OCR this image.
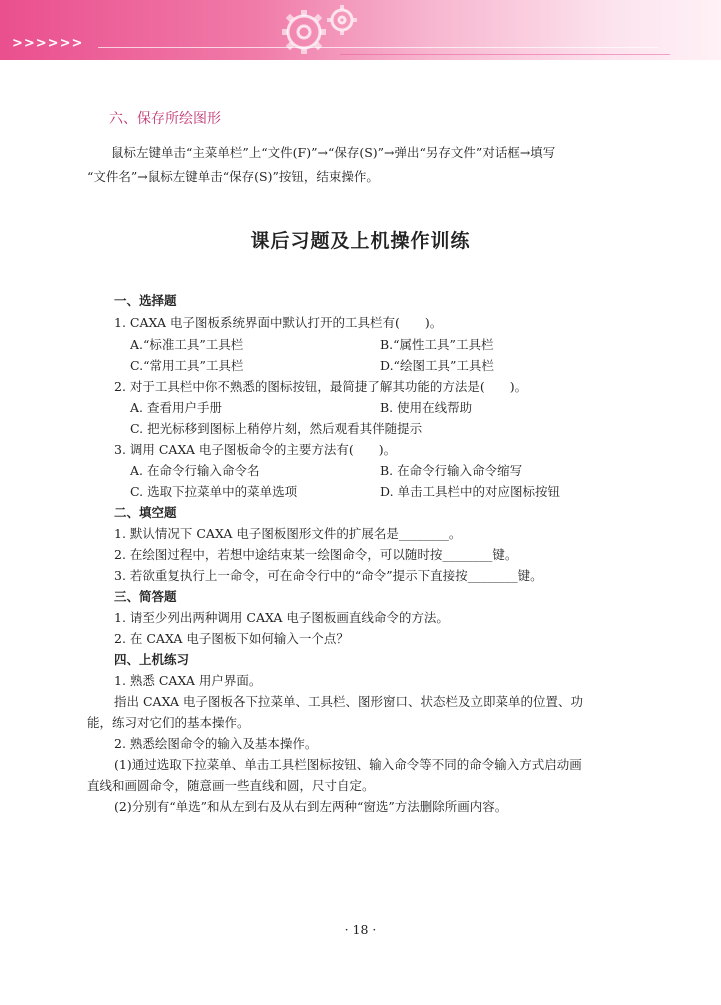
>>>>>>
六、保存所绘图形
鼠标左键单击“主菜单栏”上“文件(F)”→“保存(S)”→弹出“另存文件”对话框→填写
“文件名”→鼠标左键单击“保存(S)”按钮，结束操作。
课后习题及上机操作训练
一、选择题
1. CAXA 电子图板系统界面中默认打开的工具栏有(　　)。
A.“标准工具”工具栏	B.“属性工具”工具栏
C.“常用工具”工具栏	D.“绘图工具”工具栏
2. 对于工具栏中你不熟悉的图标按钮，最简捷了解其功能的方法是(　　)。
A. 查看用户手册	B. 使用在线帮助
C. 把光标移到图标上稍停片刻，然后观看其伴随提示
3. 调用 CAXA 电子图板命令的主要方法有(　　)。
A. 在命令行输入命令名	B. 在命令行输入命令缩写
C. 选取下拉菜单中的菜单选项	D. 单击工具栏中的对应图标按钮
二、填空题
1. 默认情况下 CAXA 电子图板图形文件的扩展名是________。
2. 在绘图过程中，若想中途结束某一绘图命令，可以随时按________键。
3. 若欲重复执行上一命令，可在命令行中的“命令”提示下直接按________键。
三、简答题
1. 请至少列出两种调用 CAXA 电子图板画直线命令的方法。
2. 在 CAXA 电子图板下如何输入一个点？
四、上机练习
1. 熟悉 CAXA 用户界面。
指出 CAXA 电子图板各下拉菜单、工具栏、图形窗口、状态栏及立即菜单的位置、功
能，练习对它们的基本操作。
2. 熟悉绘图命令的输入及基本操作。
(1)通过选取下拉菜单、单击工具栏图标按钮、输入命令等不同的命令输入方式启动画
直线和画圆命令，随意画一些直线和圆，尺寸自定。
(2)分别有“单选”和从左到右及从右到左两种“窗选”方法删除所画内容。
· 18 ·
